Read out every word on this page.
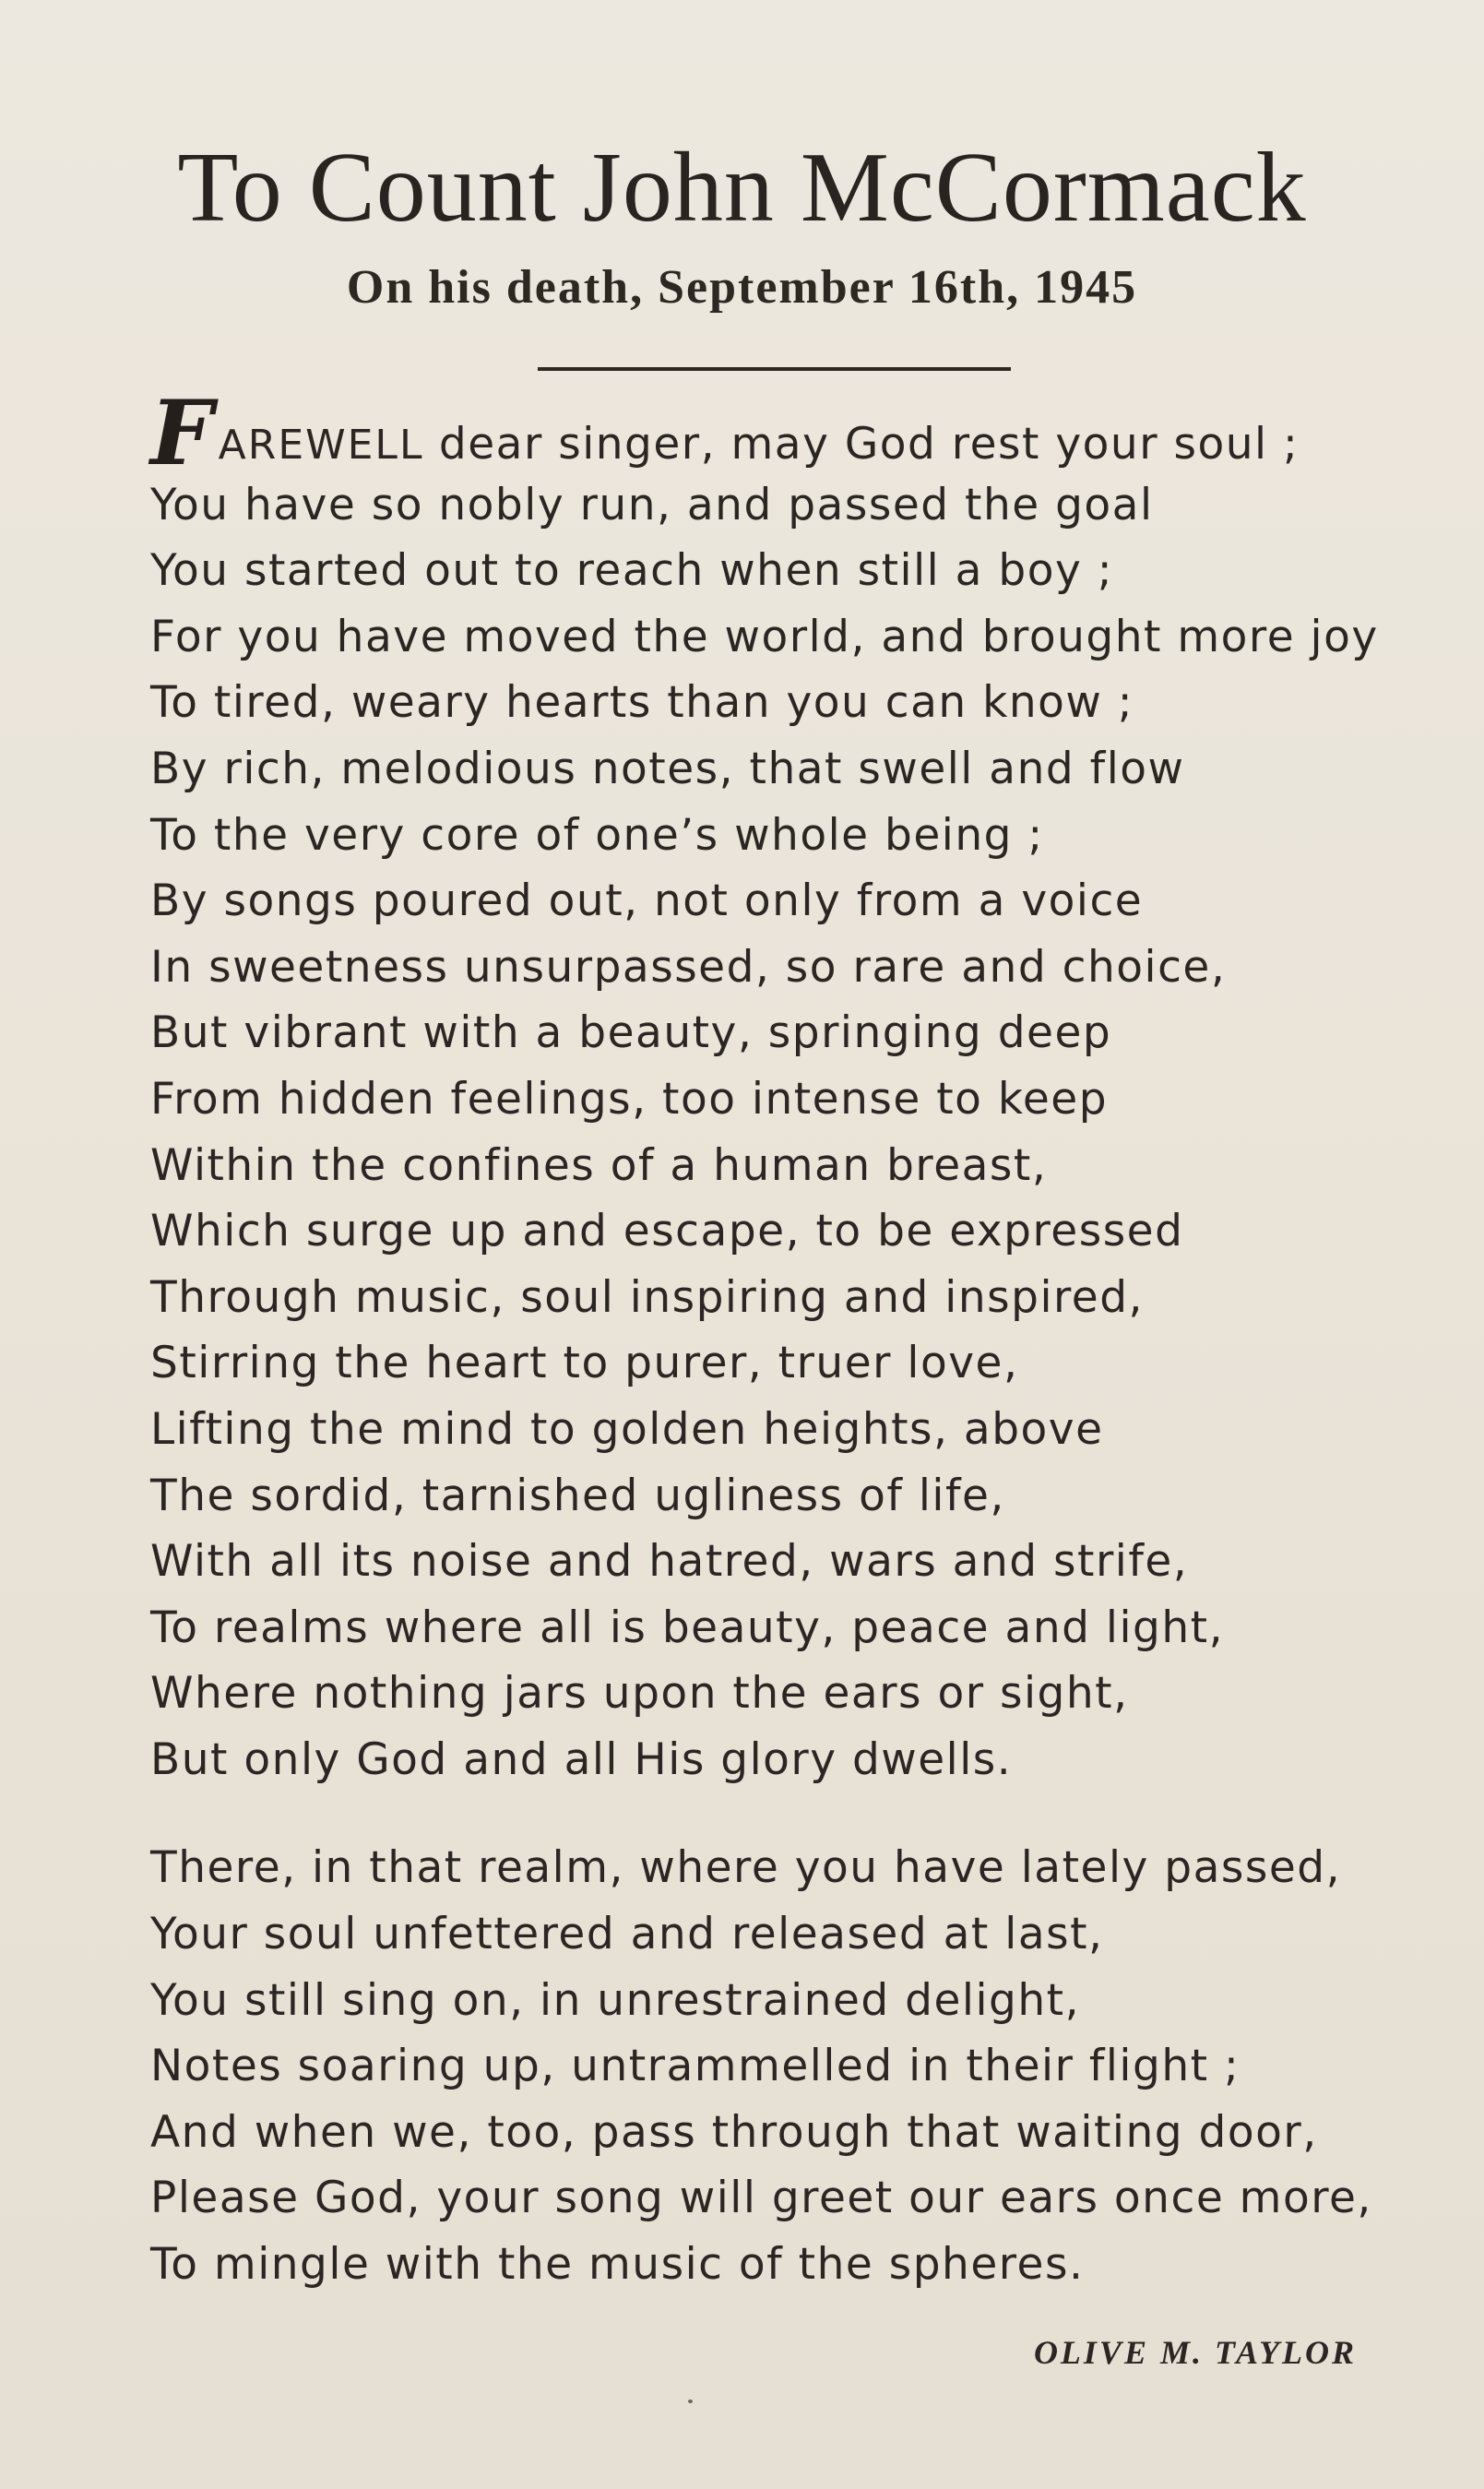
To Count John McCormack
On his death, September 16th, 1945
FAREWELL dear singer, may God rest your soul ;
You have so nobly run, and passed the goal
You started out to reach when still a boy ;
For you have moved the world, and brought more joy
To tired, weary hearts than you can know ;
By rich, melodious notes, that swell and flow
To the very core of one’s whole being ;
By songs poured out, not only from a voice
In sweetness unsurpassed, so rare and choice,
But vibrant with a beauty, springing deep
From hidden feelings, too intense to keep
Within the confines of a human breast,
Which surge up and escape, to be expressed
Through music, soul inspiring and inspired,
Stirring the heart to purer, truer love,
Lifting the mind to golden heights, above
The sordid, tarnished ugliness of life,
With all its noise and hatred, wars and strife,
To realms where all is beauty, peace and light,
Where nothing jars upon the ears or sight,
But only God and all His glory dwells.
There, in that realm, where you have lately passed,
Your soul unfettered and released at last,
You still sing on, in unrestrained delight,
Notes soaring up, untrammelled in their flight ;
And when we, too, pass through that waiting door,
Please God, your song will greet our ears once more,
To mingle with the music of the spheres.
OLIVE M. TAYLOR
